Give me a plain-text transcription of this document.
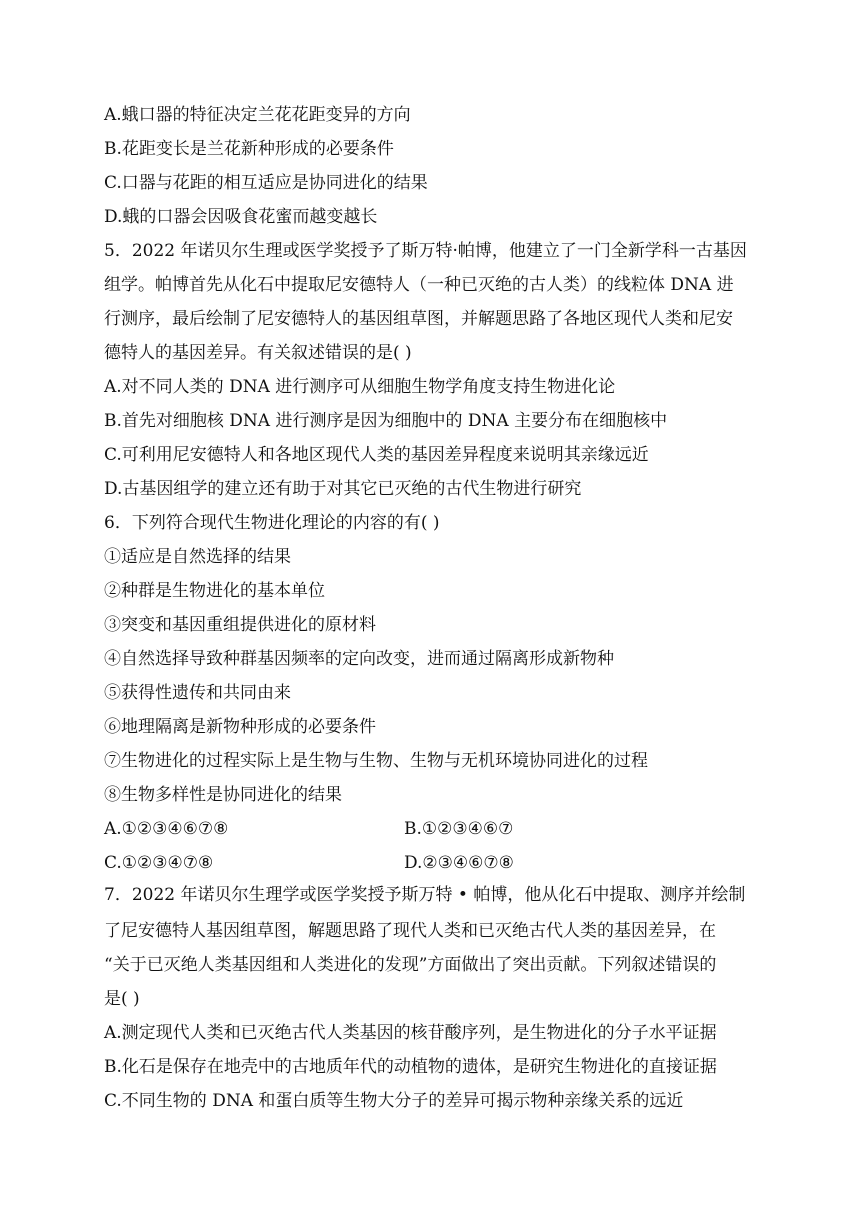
A.蛾口器的特征决定兰花花距变异的方向
B.花距变长是兰花新种形成的必要条件
C.口器与花距的相互适应是协同进化的结果
D.蛾的口器会因吸食花蜜而越变越长
5．2022 年诺贝尔生理或医学奖授予了斯万特·帕博，他建立了一门全新学科一古基因
组学。帕博首先从化石中提取尼安德特人（一种已灭绝的古人类）的线粒体 DNA 进
行测序，最后绘制了尼安德特人的基因组草图，并解题思路了各地区现代人类和尼安
德特人的基因差异。有关叙述错误的是( )
A.对不同人类的 DNA 进行测序可从细胞生物学角度支持生物进化论
B.首先对细胞核 DNA 进行测序是因为细胞中的 DNA 主要分布在细胞核中
C.可利用尼安德特人和各地区现代人类的基因差异程度来说明其亲缘远近
D.古基因组学的建立还有助于对其它已灭绝的古代生物进行研究
6．下列符合现代生物进化理论的内容的有( )
①适应是自然选择的结果
②种群是生物进化的基本单位
③突变和基因重组提供进化的原材料
④自然选择导致种群基因频率的定向改变，进而通过隔离形成新物种
⑤获得性遗传和共同由来
⑥地理隔离是新物种形成的必要条件
⑦生物进化的过程实际上是生物与生物、生物与无机环境协同进化的过程
⑧生物多样性是协同进化的结果
A.①②③④⑥⑦⑧	B.①②③④⑥⑦
C.①②③④⑦⑧	D.②③④⑥⑦⑧
7．2022 年诺贝尔生理学或医学奖授予斯万特 • 帕博，他从化石中提取、测序并绘制
了尼安德特人基因组草图，解题思路了现代人类和已灭绝古代人类的基因差异，在
“关于已灭绝人类基因组和人类进化的发现”方面做出了突出贡献。下列叙述错误的
是( )
A.测定现代人类和已灭绝古代人类基因的核苷酸序列，是生物进化的分子水平证据
B.化石是保存在地壳中的古地质年代的动植物的遗体，是研究生物进化的直接证据
C.不同生物的 DNA 和蛋白质等生物大分子的差异可揭示物种亲缘关系的远近
